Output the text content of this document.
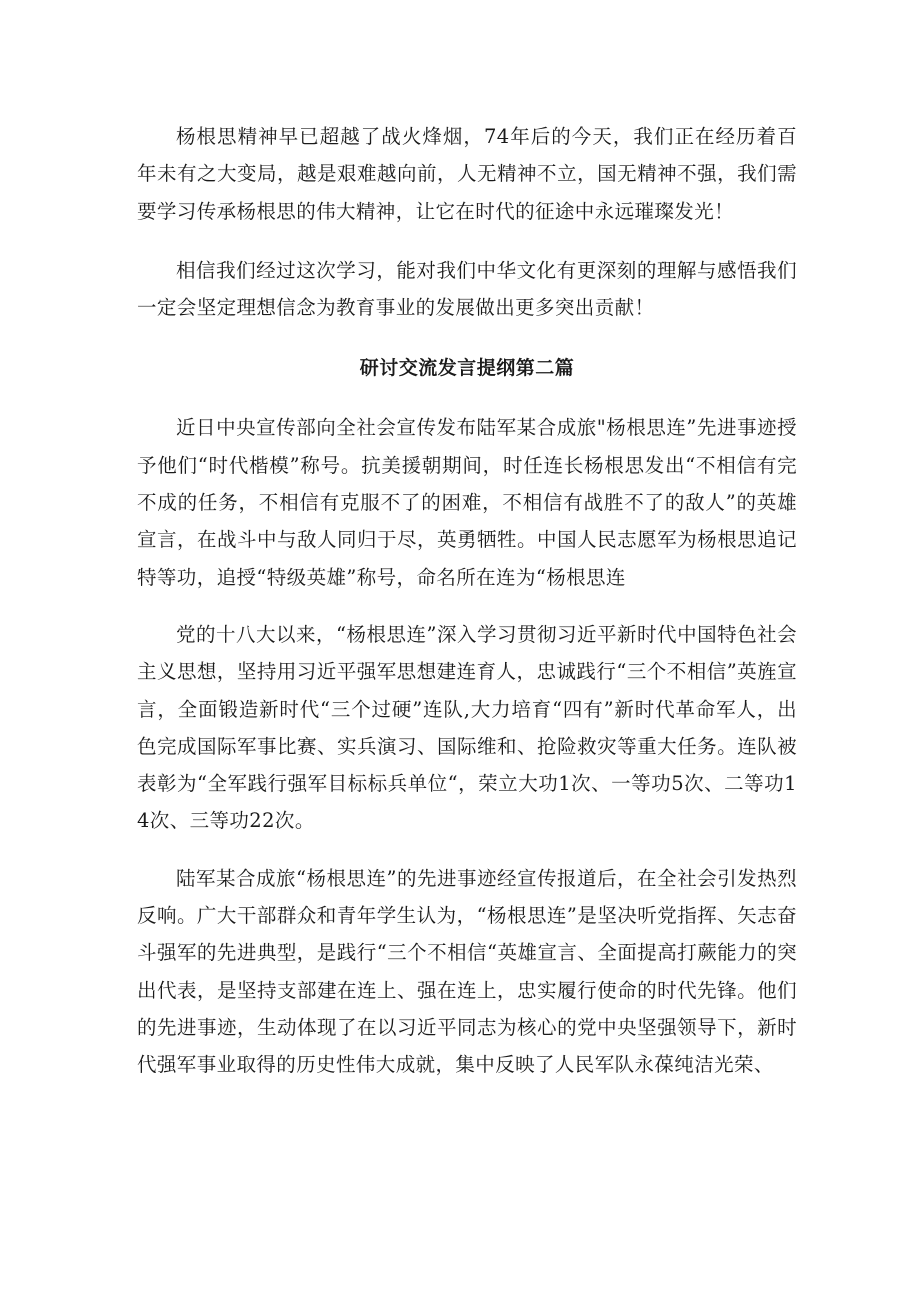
杨根思精神早已超越了战火烽烟，74年后的今天，我们正在经历着百年未有之大变局，越是艰难越向前，人无精神不立，国无精神不强，我们需要学习传承杨根思的伟大精神，让它在时代的征途中永远璀璨发光！

相信我们经过这次学习，能对我们中华文化有更深刻的理解与感悟我们一定会坚定理想信念为教育事业的发展做出更多突出贡献！

研讨交流发言提纲第二篇

近日中央宣传部向全社会宣传发布陆军某合成旅"杨根思连”先进事迹授予他们“时代楷模”称号。抗美援朝期间，时任连长杨根思发出“不相信有完不成的任务，不相信有克服不了的困难，不相信有战胜不了的敌人”的英雄宣言，在战斗中与敌人同归于尽，英勇牺牲。中国人民志愿军为杨根思追记特等功，追授“特级英雄”称号，命名所在连为“杨根思连

党的十八大以来，“杨根思连”深入学习贯彻习近平新时代中国特色社会主义思想，坚持用习近平强军思想建连育人，忠诚践行“三个不相信”英旌宣言，全面锻造新时代“三个过硬”连队,大力培育“四有”新时代革命军人，出色完成国际军事比赛、实兵演习、国际维和、抢险救灾等重大任务。连队被表彰为“全军践行强军目标标兵单位“，荣立大功1次、一等功5次、二等功14次、三等功22次。

陆军某合成旅“杨根思连”的先进事迹经宣传报道后，在全社会引发热烈反响。广大干部群众和青年学生认为，“杨根思连”是坚决听党指挥、矢志奋斗强军的先进典型，是践行“三个不相信“英雄宣言、全面提高打蕨能力的突出代表，是坚持支部建在连上、强在连上，忠实履行使命的时代先锋。他们的先进事迹，生动体现了在以习近平同志为核心的党中央坚强领导下，新时代强军事业取得的历史性伟大成就，集中反映了人民军队永葆纯洁光荣、
